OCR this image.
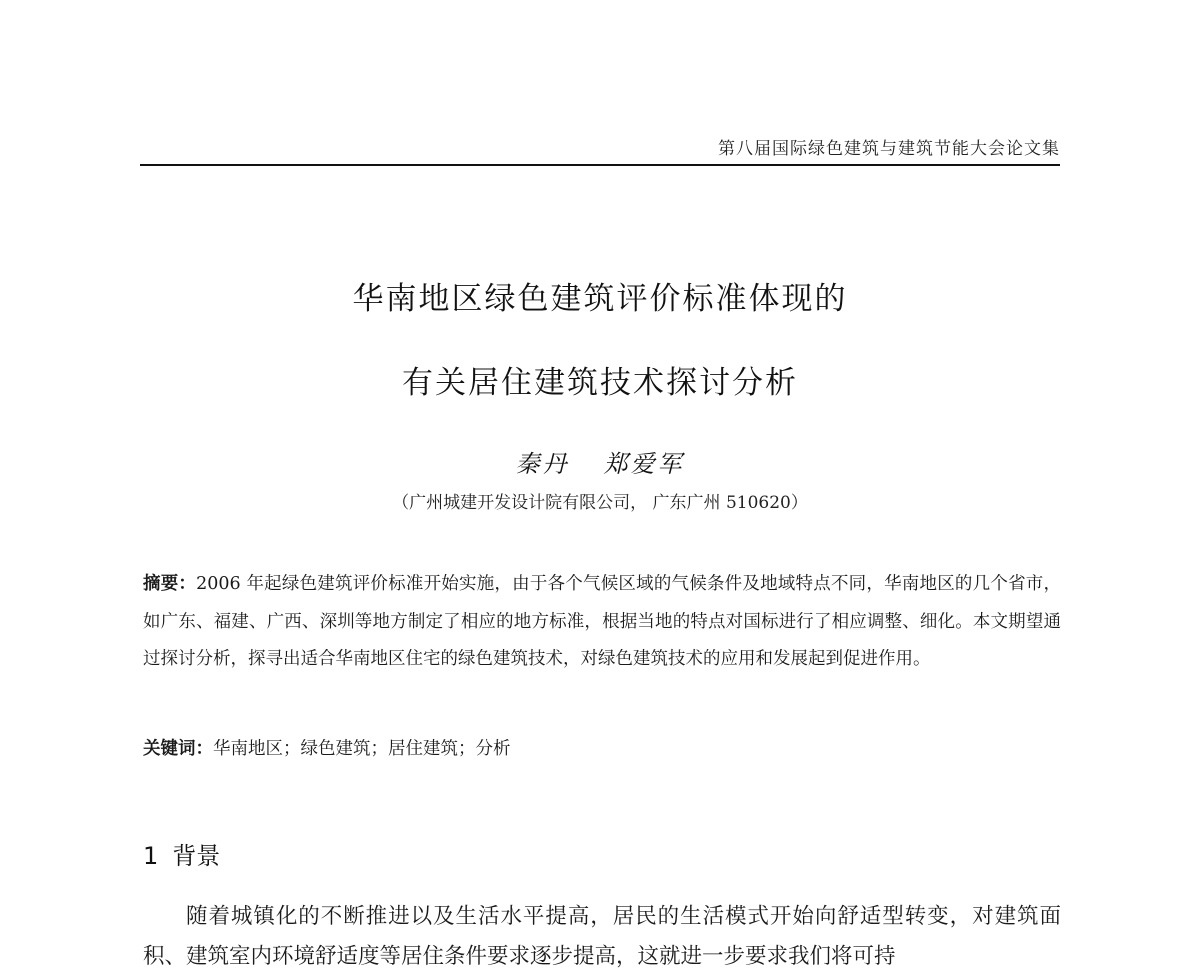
第八届国际绿色建筑与建筑节能大会论文集
华南地区绿色建筑评价标准体现的
有关居住建筑技术探讨分析
秦丹 郑爱军
（广州城建开发设计院有限公司， 广东广州 510620）
摘要：2006 年起绿色建筑评价标准开始实施，由于各个气候区域的气候条件及地域特点不同，华南地区的几个省市，如广东、福建、广西、深圳等地方制定了相应的地方标准，根据当地的特点对国标进行了相应调整、细化。本文期望通过探讨分析，探寻出适合华南地区住宅的绿色建筑技术，对绿色建筑技术的应用和发展起到促进作用。
关键词：华南地区；绿色建筑；居住建筑；分析
1 背景
随着城镇化的不断推进以及生活水平提高，居民的生活模式开始向舒适型转变，对建筑面积、建筑室内环境舒适度等居住条件要求逐步提高，这就进一步要求我们将可持
